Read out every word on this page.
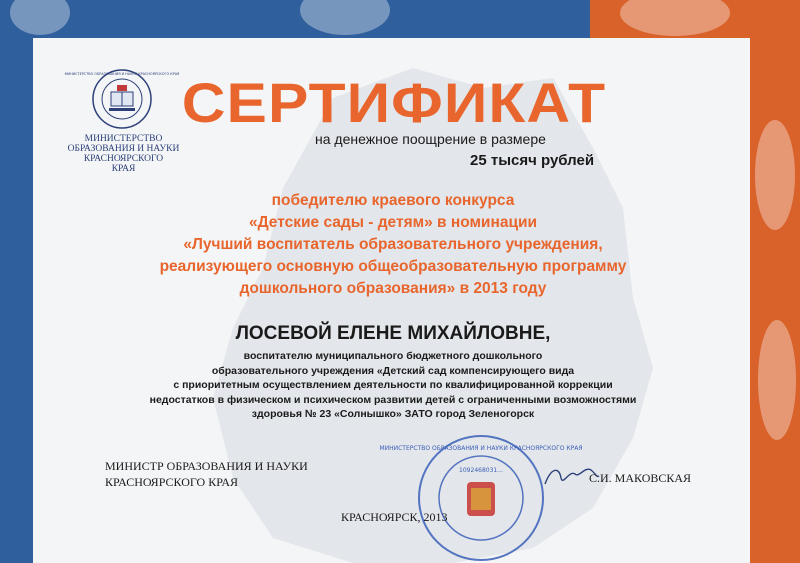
МИНИСТЕРСТВО ОБРАЗОВАНИЯ И НАУКИ КРАСНОЯРСКОГО КРАЯ
МИНИСТЕРСТВО
ОБРАЗОВАНИЯ И НАУКИ
КРАСНОЯРСКОГО
КРАЯ
СЕРТИФИКАТ
на денежное поощрение в размере
25 тысяч рублей
победителю краевого конкурса
«Детские сады - детям» в номинации
«Лучший воспитатель образовательного учреждения,
реализующего основную общеобразовательную программу
дошкольного образования» в 2013 году
ЛОСЕВОЙ ЕЛЕНЕ МИХАЙЛОВНЕ,
воспитателю муниципального бюджетного дошкольного
образовательного учреждения «Детский сад компенсирующего вида
с приоритетным осуществлением деятельности по квалифицированной коррекции
недостатков в физическом и психическом развитии детей с ограниченными возможностями
здоровья № 23 «Солнышко» ЗАТО город Зеленогорск
МИНИСТР ОБРАЗОВАНИЯ И НАУКИ
КРАСНОЯРСКОГО КРАЯ
МИНИСТЕРСТВО ОБРАЗОВАНИЯ И НАУКИ КРАСНОЯРСКОГО КРАЯ
1092468031...
С.И. МАКОВСКАЯ
КРАСНОЯРСК, 2013
